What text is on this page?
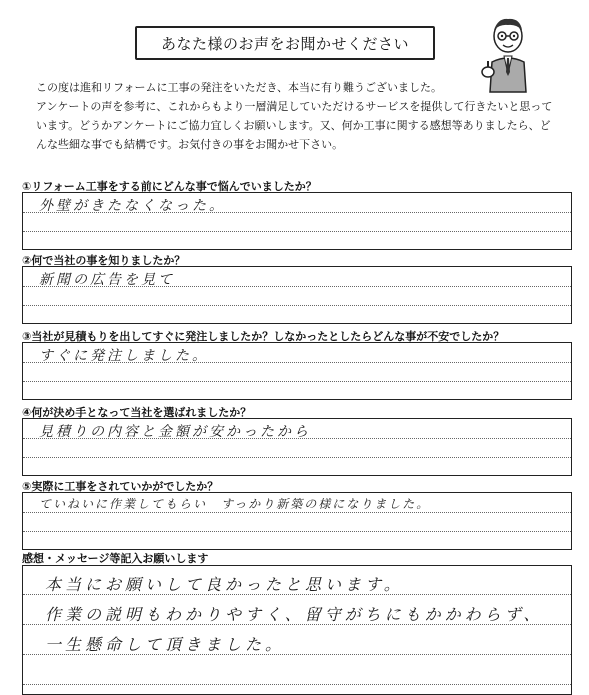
あなた様のお声をお聞かせください
この度は進和リフォームに工事の発注をいただき、本当に有り難うございました。
アンケートの声を参考に、これからもより一層満足していただけるサービスを提供して行きたいと思って
います。どうかアンケートにご協力宜しくお願いします。又、何か工事に関する感想等ありましたら、ど
んな些細な事でも結構です。お気付きの事をお聞かせ下さい。
①リフォーム工事をする前にどんな事で悩んでいましたか？
外壁がきたなくなった。
②何で当社の事を知りましたか？
新聞の広告を見て
③当社が見積もりを出してすぐに発注しましたか？しなかったとしたらどんな事が不安でしたか？
すぐに発注しました。
④何が決め手となって当社を選ばれましたか？
見積りの内容と金額が安かったから
⑤実際に工事をされていかがでしたか？
ていねいに作業してもらい　すっかり新築の様になりました。
感想・メッセージ等記入お願いします
本当にお願いして良かったと思います。
作業の説明もわかりやすく、留守がちにもかかわらず、
一生懸命して頂きました。
